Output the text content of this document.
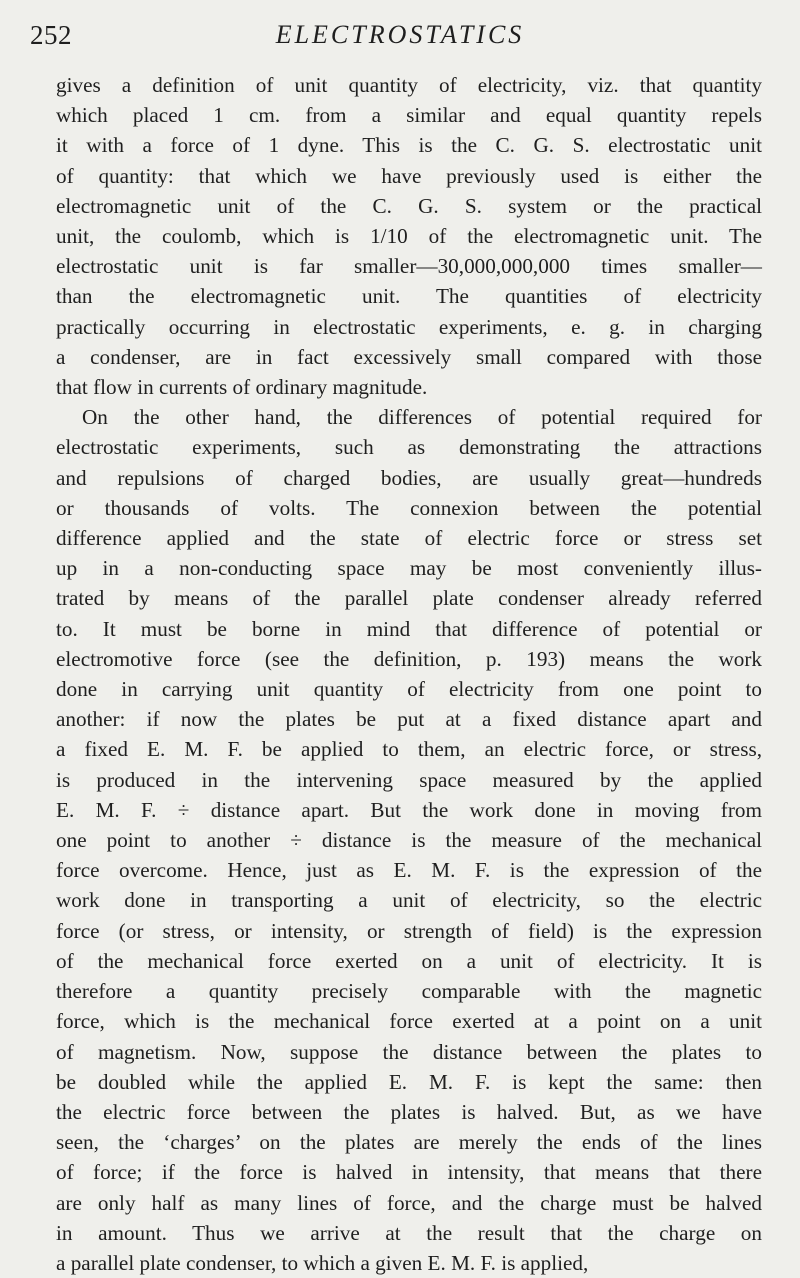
252	ELECTROSTATICS
gives a definition of unit quantity of electricity, viz. that quantity
which placed 1 cm. from a similar and equal quantity repels
it with a force of 1 dyne. This is the C. G. S. electrostatic unit
of quantity: that which we have previously used is either the
electromagnetic unit of the C. G. S. system or the practical
unit, the coulomb, which is 1/10 of the electromagnetic unit. The
electrostatic unit is far smaller—30,000,000,000 times smaller—
than the electromagnetic unit. The quantities of electricity
practically occurring in electrostatic experiments, e. g. in charging
a condenser, are in fact excessively small compared with those
that flow in currents of ordinary magnitude.
On the other hand, the differences of potential required for
electrostatic experiments, such as demonstrating the attractions
and repulsions of charged bodies, are usually great—hundreds
or thousands of volts. The connexion between the potential
difference applied and the state of electric force or stress set
up in a non-conducting space may be most conveniently illus-
trated by means of the parallel plate condenser already referred
to. It must be borne in mind that difference of potential or
electromotive force (see the definition, p. 193) means the work
done in carrying unit quantity of electricity from one point to
another: if now the plates be put at a fixed distance apart and
a fixed E. M. F. be applied to them, an electric force, or stress,
is produced in the intervening space measured by the applied
E. M. F. ÷ distance apart. But the work done in moving from
one point to another ÷ distance is the measure of the mechanical
force overcome. Hence, just as E. M. F. is the expression of the
work done in transporting a unit of electricity, so the electric
force (or stress, or intensity, or strength of field) is the expression
of the mechanical force exerted on a unit of electricity. It is
therefore a quantity precisely comparable with the magnetic
force, which is the mechanical force exerted at a point on a unit
of magnetism. Now, suppose the distance between the plates to
be doubled while the applied E. M. F. is kept the same: then
the electric force between the plates is halved. But, as we have
seen, the ‘charges’ on the plates are merely the ends of the lines
of force; if the force is halved in intensity, that means that there
are only half as many lines of force, and the charge must be halved
in amount. Thus we arrive at the result that the charge on
a parallel plate condenser, to which a given E. M. F. is applied,
